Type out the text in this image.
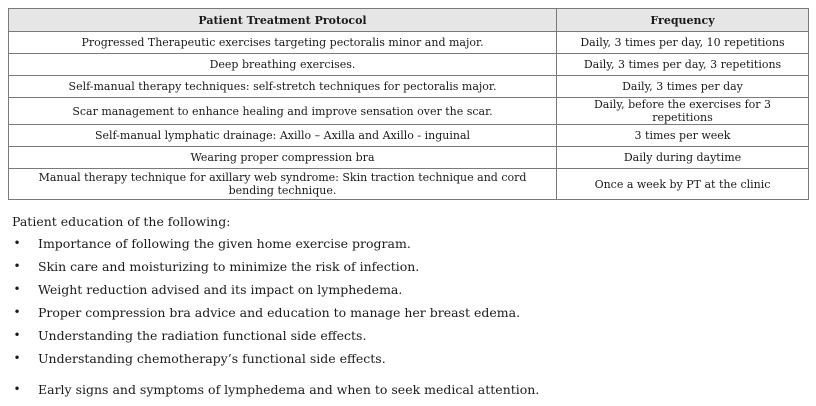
Patient Treatment Protocol	Frequency
Progressed Therapeutic exercises targeting pectoralis minor and major.	Daily, 3 times per day, 10 repetitions
Deep breathing exercises.	Daily, 3 times per day, 3 repetitions
Self-manual therapy techniques: self-stretch techniques for pectoralis major.	Daily, 3 times per day
Scar management to enhance healing and improve sensation over the scar.	Daily, before the exercises for 3 repetitions
Self-manual lymphatic drainage: Axillo – Axilla and Axillo - inguinal	3 times per week
Wearing proper compression bra	Daily during daytime
Manual therapy technique for axillary web syndrome: Skin traction technique and cord bending technique.	Once a week by PT at the clinic

Patient education of the following:

• Importance of following the given home exercise program.
• Skin care and moisturizing to minimize the risk of infection.
• Weight reduction advised and its impact on lymphedema.
• Proper compression bra advice and education to manage her breast edema.
• Understanding the radiation functional side effects.
• Understanding chemotherapy’s functional side effects.
• Early signs and symptoms of lymphedema and when to seek medical attention.
